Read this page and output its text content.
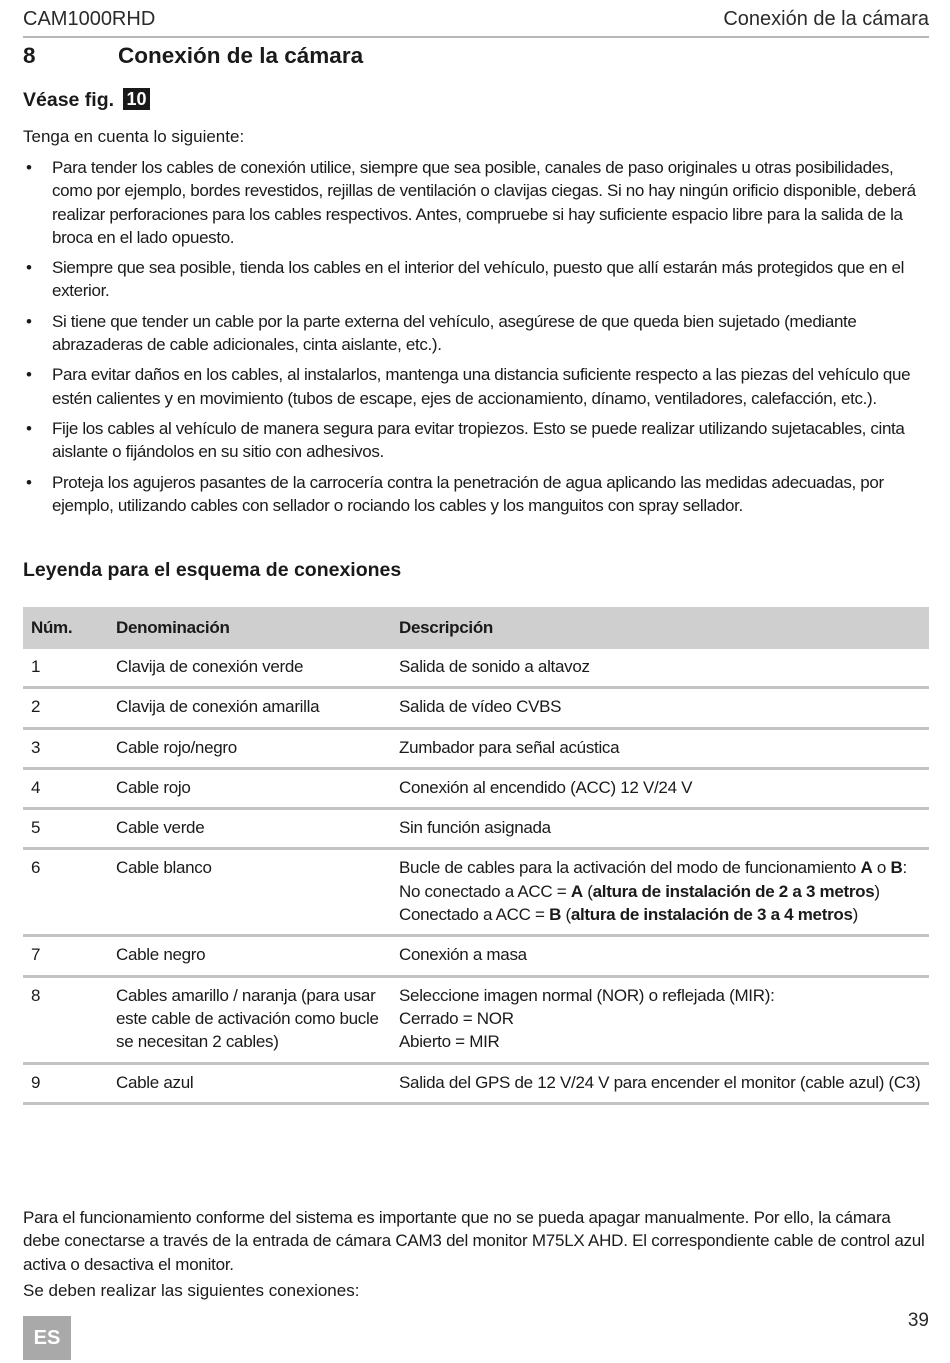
CAM1000RHD	Conexión de la cámara
8	Conexión de la cámara
Véase fig. 10
Tenga en cuenta lo siguiente:
• Para tender los cables de conexión utilice, siempre que sea posible, canales de paso originales u otras posibilidades, como por ejemplo, bordes revestidos, rejillas de ventilación o clavijas ciegas. Si no hay ningún orificio disponible, deberá realizar perforaciones para los cables respectivos. Antes, compruebe si hay suficiente espacio libre para la salida de la broca en el lado opuesto.
• Siempre que sea posible, tienda los cables en el interior del vehículo, puesto que allí estarán más protegidos que en el exterior.
• Si tiene que tender un cable por la parte externa del vehículo, asegúrese de que queda bien sujetado (mediante abrazaderas de cable adicionales, cinta aislante, etc.).
• Para evitar daños en los cables, al instalarlos, mantenga una distancia suficiente respecto a las piezas del vehículo que estén calientes y en movimiento (tubos de escape, ejes de accionamiento, dínamo, ventiladores, calefacción, etc.).
• Fije los cables al vehículo de manera segura para evitar tropiezos. Esto se puede realizar utilizando sujetacables, cinta aislante o fijándolos en su sitio con adhesivos.
• Proteja los agujeros pasantes de la carrocería contra la penetración de agua aplicando las medidas adecuadas, por ejemplo, utilizando cables con sellador o rociando los cables y los manguitos con spray sellador.
Leyenda para el esquema de conexiones
Núm.	Denominación	Descripción
1	Clavija de conexión verde	Salida de sonido a altavoz
2	Clavija de conexión amarilla	Salida de vídeo CVBS
3	Cable rojo/negro	Zumbador para señal acústica
4	Cable rojo	Conexión al encendido (ACC) 12 V/24 V
5	Cable verde	Sin función asignada
6	Cable blanco	Bucle de cables para la activación del modo de funcionamiento A o B:
No conectado a ACC = A (altura de instalación de 2 a 3 metros)
Conectado a ACC = B (altura de instalación de 3 a 4 metros)

7	Cable negro	Conexión a masa
8	Cables amarillo / naranja (para usar este cable de activación como bucle se necesitan 2 cables)	Seleccione imagen normal (NOR) o reflejada (MIR):
Cerrado = NOR
Abierto = MIR

9	Cable azul	Salida del GPS de 12 V/24 V para encender el monitor (cable azul) (C3)
Para el funcionamiento conforme del sistema es importante que no se pueda apagar manualmente. Por ello, la cámara debe conectarse a través de la entrada de cámara CAM3 del monitor M75LX AHD. El correspondiente cable de control azul activa o desactiva el monitor.
Se deben realizar las siguientes conexiones:
39
ES
